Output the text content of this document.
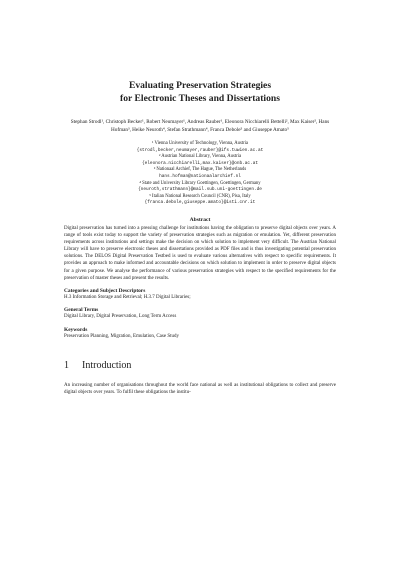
Evaluating Preservation Strategies
for Electronic Theses and Dissertations
Stephan Strodl¹, Christoph Becker¹, Robert Neumayer¹, Andreas Rauber¹, Eleonora Nicchiarelli Bettelli², Max Kaiser², Hans Hofman³, Heike Neuroth⁴, Stefan Strathmann⁴, Franca Debole⁵ and Giuseppe Amato⁵
¹ Vienna University of Technology, Vienna, Austria
{strodl,becker,neumayer,rauber}@ifs.tuwien.ac.at
² Austrian National Library, Vienna, Austria
{eleonora.nicchiarelli,max.kaiser}@onb.ac.at
³ Nationaal Archief, The Hague, The Netherlands
hans.hofman@nationaalarchief.nl
⁴ State and University Library Goettingen, Goettingen, Germany
{neuroth,strathmann}@mail.sub.uni-goettingen.de
⁵ Italian National Research Council (CNR), Pisa, Italy
{franca.debole,giuseppe.amato}@isti.cnr.it
Abstract
Digital preservation has turned into a pressing challenge for institutions having the obligation to preserve digital objects over years. A range of tools exist today to support the variety of preservation strategies such as migration or emulation. Yet, different preservation requirements across institutions and settings make the decision on which solution to implement very difficult. The Austrian National Library will have to preserve electronic theses and dissertations provided as PDF files and is thus investigating potential preservation solutions. The DELOS Digital Preservation Testbed is used to evaluate various alternatives with respect to specific requirements. It provides an approach to make informed and accountable decisions on which solution to implement in order to preserve digital objects for a given purpose. We analyse the performance of various preservation strategies with respect to the specified requirements for the preservation of master theses and present the results.
Categories and Subject Descriptors
H.3 Information Storage and Retrieval; H.3.7 Digital Libraries;
General Terms
Digital Library, Digital Preservation, Long Term Access
Keywords
Preservation Planning, Migration, Emulation, Case Study
1 Introduction
An increasing number of organisations throughout the world face national as well as institutional obligations to collect and preserve digital objects over years. To fulfil these obligations the institu-
